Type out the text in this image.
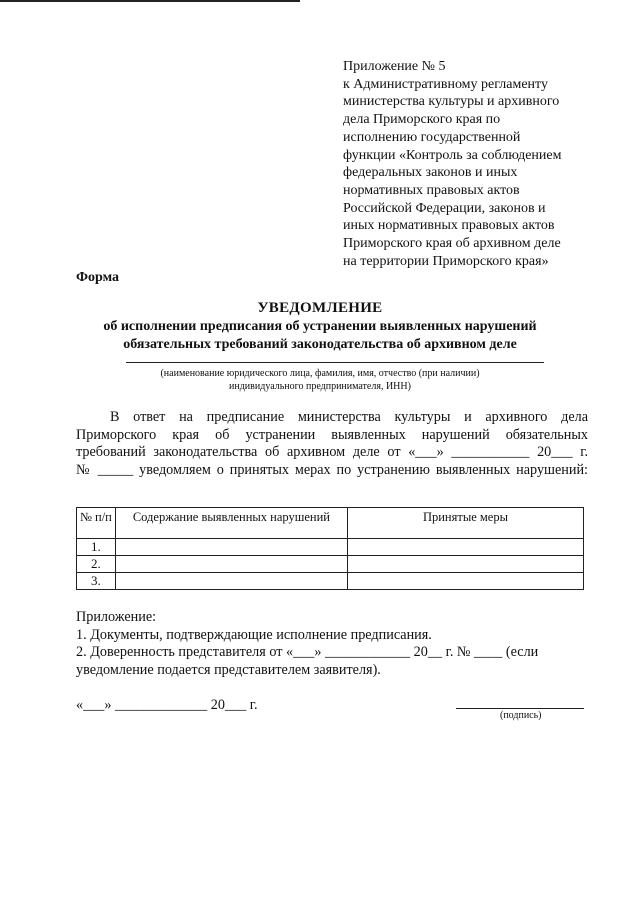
Приложение № 5
к Административному регламенту
министерства культуры и архивного
дела Приморского края по
исполнению государственной
функции «Контроль за соблюдением
федеральных законов и иных
нормативных правовых актов
Российской Федерации, законов и
иных нормативных правовых актов
Приморского края об архивном деле
на территории Приморского края»
Форма
УВЕДОМЛЕНИЕ
об исполнении предписания об устранении выявленных нарушений
обязательных требований законодательства об архивном деле
(наименование юридического лица, фамилия, имя, отчество (при наличии)
индивидуального предпринимателя, ИНН)
В ответ на предписание министерства культуры и архивного дела
Приморского края об устранении выявленных нарушений обязательных
требований законодательства об архивном деле от «___» ___________ 20___ г.
№ _____ уведомляем о принятых мерах по устранению выявленных нарушений:
№ п/п	Содержание выявленных нарушений	Принятые меры
1.		
2.		
3.		
Приложение:
1. Документы, подтверждающие исполнение предписания.
2. Доверенность представителя от «___» ____________ 20__ г. № ____ (если
уведомление подается представителем заявителя).
«___» _____________ 20___ г.
(подпись)
